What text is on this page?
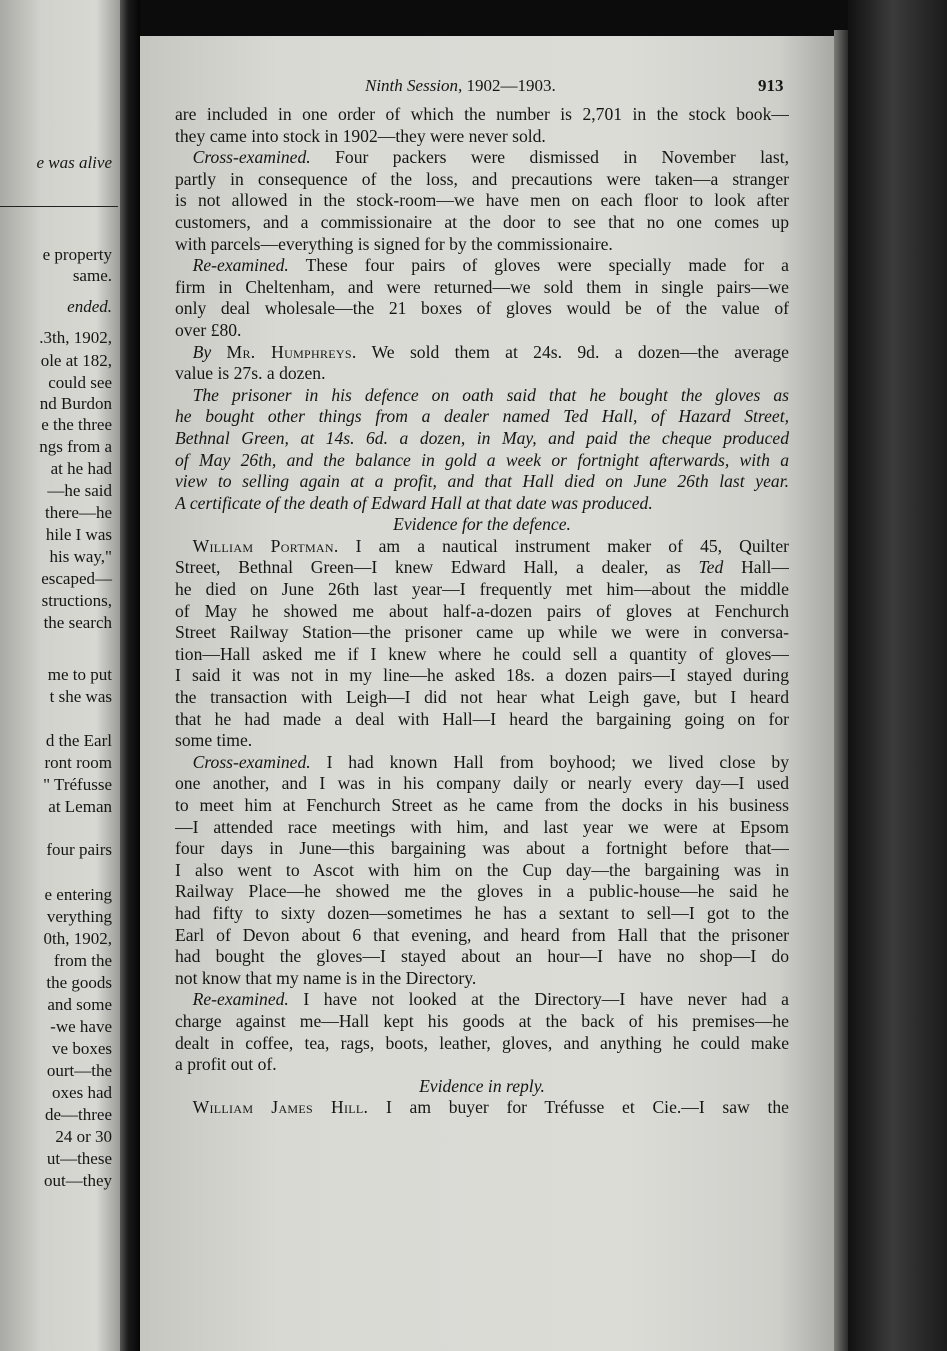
e was alive
e property
same.
ended.
.3th, 1902,
ole at 182,
could see
nd Burdon
e the three
ngs from a
at he had
—he said
there—he
hile I was
his way,"
escaped—
structions,
the search
me to put
t she was
d the Earl
ront room
" Tréfusse
at Leman
four pairs
e entering
verything
0th, 1902,
from the
the goods
and some
-we have
ve boxes
ourt—the
oxes had
de—three
24 or 30
ut—these
out—they
Ninth Session, 1902—1903.	913
are included in one order of which the number is 2,701 in the stock book—
they came into stock in 1902—they were never sold.
 Cross-examined. Four packers were dismissed in November last,
partly in consequence of the loss, and precautions were taken—a stranger
is not allowed in the stock-room—we have men on each floor to look after
customers, and a commissionaire at the door to see that no one comes up
with parcels—everything is signed for by the commissionaire.
 Re-examined. These four pairs of gloves were specially made for a
firm in Cheltenham, and were returned—we sold them in single pairs—we
only deal wholesale—the 21 boxes of gloves would be of the value of
over £80.
 By Mr. Humphreys. We sold them at 24s. 9d. a dozen—the average
value is 27s. a dozen.
 The prisoner in his defence on oath said that he bought the gloves as
he bought other things from a dealer named Ted Hall, of Hazard Street,
Bethnal Green, at 14s. 6d. a dozen, in May, and paid the cheque produced
of May 26th, and the balance in gold a week or fortnight afterwards, with a
view to selling again at a profit, and that Hall died on June 26th last year.
A certificate of the death of Edward Hall at that date was produced.
Evidence for the defence.
 William Portman. I am a nautical instrument maker of 45, Quilter
Street, Bethnal Green—I knew Edward Hall, a dealer, as Ted Hall—
he died on June 26th last year—I frequently met him—about the middle
of May he showed me about half-a-dozen pairs of gloves at Fenchurch
Street Railway Station—the prisoner came up while we were in conversa-
tion—Hall asked me if I knew where he could sell a quantity of gloves—
I said it was not in my line—he asked 18s. a dozen pairs—I stayed during
the transaction with Leigh—I did not hear what Leigh gave, but I heard
that he had made a deal with Hall—I heard the bargaining going on for
some time.
 Cross-examined. I had known Hall from boyhood; we lived close by
one another, and I was in his company daily or nearly every day—I used
to meet him at Fenchurch Street as he came from the docks in his business
—I attended race meetings with him, and last year we were at Epsom
four days in June—this bargaining was about a fortnight before that—
I also went to Ascot with him on the Cup day—the bargaining was in
Railway Place—he showed me the gloves in a public-house—he said he
had fifty to sixty dozen—sometimes he has a sextant to sell—I got to the
Earl of Devon about 6 that evening, and heard from Hall that the prisoner
had bought the gloves—I stayed about an hour—I have no shop—I do
not know that my name is in the Directory.
 Re-examined. I have not looked at the Directory—I have never had a
charge against me—Hall kept his goods at the back of his premises—he
dealt in coffee, tea, rags, boots, leather, gloves, and anything he could make
a profit out of.
Evidence in reply.
 William James Hill. I am buyer for Tréfusse et Cie.—I saw the
